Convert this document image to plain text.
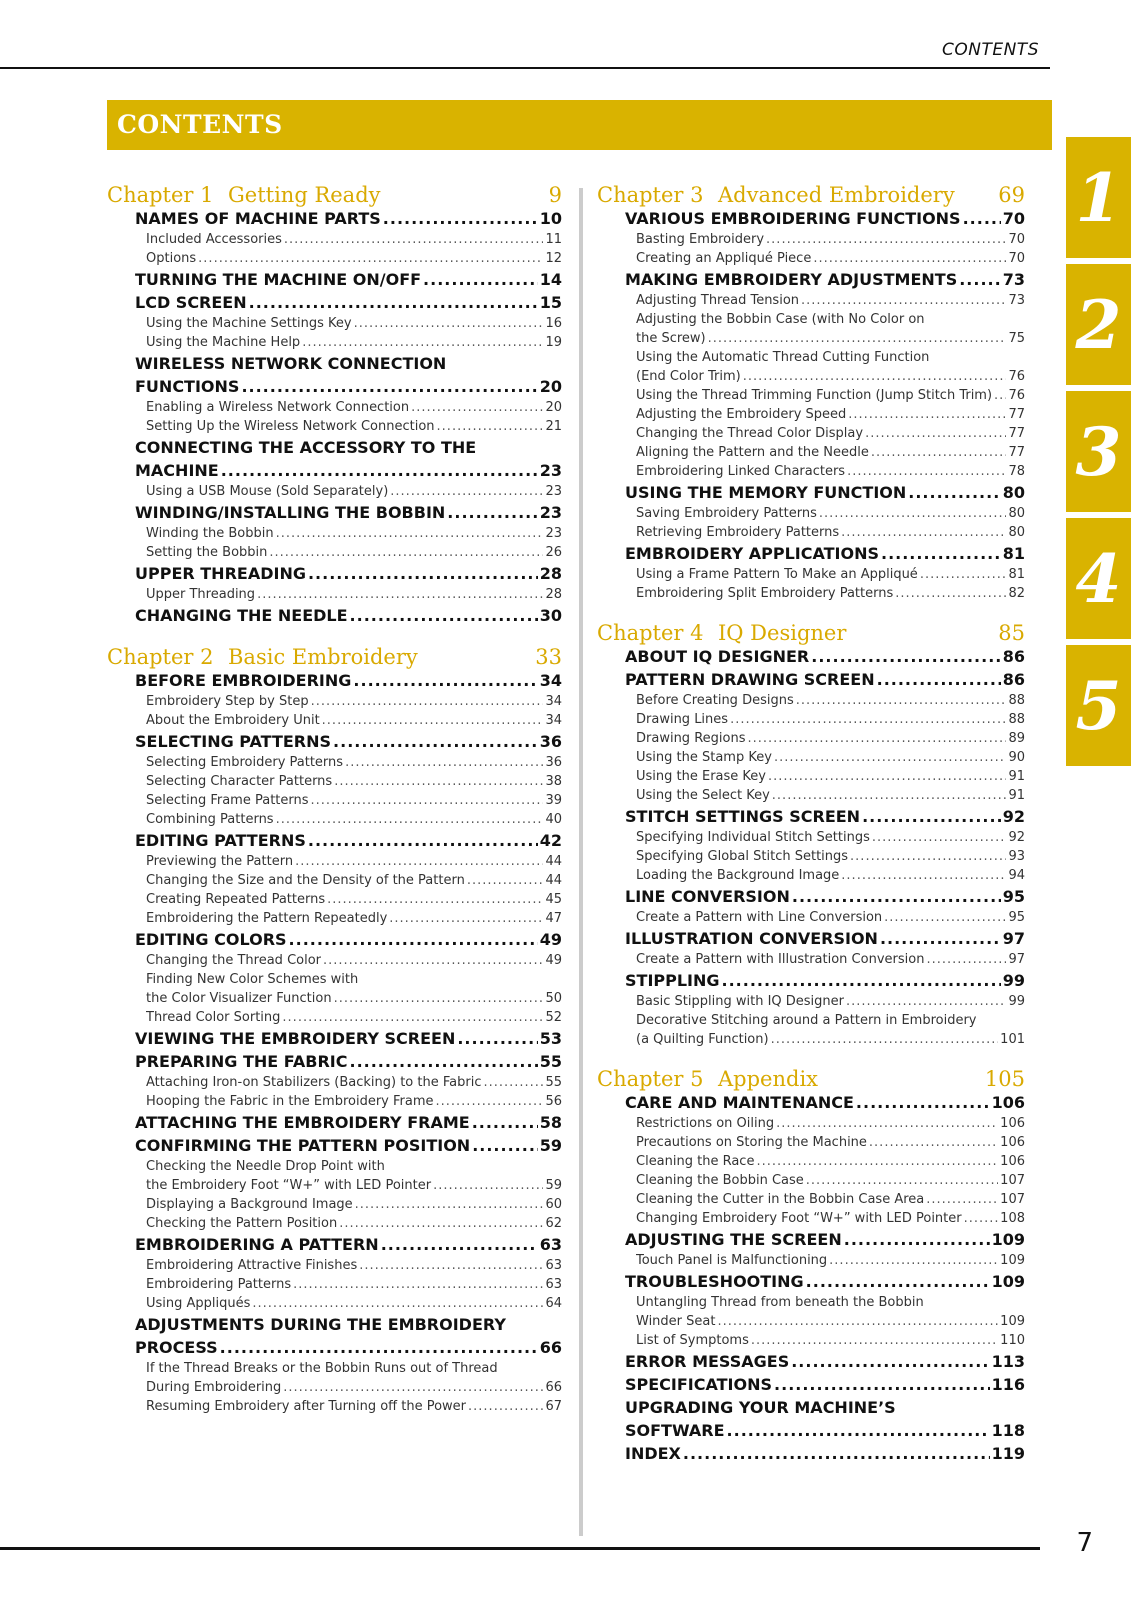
CONTENTS
CONTENTS
Chapter 1 Getting Ready	9
NAMES OF MACHINE PARTS .....	10
Included Accessories .....	11
Options .....	12
TURNING THE MACHINE ON/OFF .....	14
LCD SCREEN .....	15
Using the Machine Settings Key .....	16
Using the Machine Help .....	19
WIRELESS NETWORK CONNECTION
FUNCTIONS .....	20
Enabling a Wireless Network Connection .....	20
Setting Up the Wireless Network Connection .....	21
CONNECTING THE ACCESSORY TO THE
MACHINE .....	23
Using a USB Mouse (Sold Separately) .....	23
WINDING/INSTALLING THE BOBBIN .....	23
Winding the Bobbin .....	23
Setting the Bobbin .....	26
UPPER THREADING .....	28
Upper Threading .....	28
CHANGING THE NEEDLE .....	30
Chapter 2 Basic Embroidery	33
BEFORE EMBROIDERING .....	34
Embroidery Step by Step .....	34
About the Embroidery Unit .....	34
SELECTING PATTERNS .....	36
Selecting Embroidery Patterns .....	36
Selecting Character Patterns .....	38
Selecting Frame Patterns .....	39
Combining Patterns .....	40
EDITING PATTERNS .....	42
Previewing the Pattern .....	44
Changing the Size and the Density of the Pattern .....	44
Creating Repeated Patterns .....	45
Embroidering the Pattern Repeatedly .....	47
EDITING COLORS .....	49
Changing the Thread Color .....	49
Finding New Color Schemes with
the Color Visualizer Function .....	50
Thread Color Sorting .....	52
VIEWING THE EMBROIDERY SCREEN .....	53
PREPARING THE FABRIC .....	55
Attaching Iron-on Stabilizers (Backing) to the Fabric .....	55
Hooping the Fabric in the Embroidery Frame .....	56
ATTACHING THE EMBROIDERY FRAME .....	58
CONFIRMING THE PATTERN POSITION .....	59
Checking the Needle Drop Point with
the Embroidery Foot “W+” with LED Pointer .....	59
Displaying a Background Image .....	60
Checking the Pattern Position .....	62
EMBROIDERING A PATTERN .....	63
Embroidering Attractive Finishes .....	63
Embroidering Patterns .....	63
Using Appliqués .....	64
ADJUSTMENTS DURING THE EMBROIDERY
PROCESS .....	66
If the Thread Breaks or the Bobbin Runs out of Thread
During Embroidering .....	66
Resuming Embroidery after Turning off the Power .....	67
Chapter 3 Advanced Embroidery 69
VARIOUS EMBROIDERING FUNCTIONS .....	70
Basting Embroidery .....	70
Creating an Appliqué Piece .....	70
MAKING EMBROIDERY ADJUSTMENTS .....	73
Adjusting Thread Tension .....	73
Adjusting the Bobbin Case (with No Color on
the Screw) .....	75
Using the Automatic Thread Cutting Function
(End Color Trim) .....	76
Using the Thread Trimming Function (Jump Stitch Trim) ..... 76
Adjusting the Embroidery Speed .....	77
Changing the Thread Color Display .....	77
Aligning the Pattern and the Needle .....	77
Embroidering Linked Characters .....	78
USING THE MEMORY FUNCTION .....	80
Saving Embroidery Patterns .....	80
Retrieving Embroidery Patterns .....	80
EMBROIDERY APPLICATIONS .....	81
Using a Frame Pattern To Make an Appliqué .....	81
Embroidering Split Embroidery Patterns .....	82
Chapter 4 IQ Designer	85
ABOUT IQ DESIGNER .....	86
PATTERN DRAWING SCREEN .....	86
Before Creating Designs .....	88
Drawing Lines .....	88
Drawing Regions .....	89
Using the Stamp Key .....	90
Using the Erase Key .....	91
Using the Select Key .....	91
STITCH SETTINGS SCREEN .....	92
Specifying Individual Stitch Settings .....	92
Specifying Global Stitch Settings .....	93
Loading the Background Image .....	94
LINE CONVERSION .....	95
Create a Pattern with Line Conversion .....	95
ILLUSTRATION CONVERSION .....	97
Create a Pattern with Illustration Conversion .....	97
STIPPLING .....	99
Basic Stippling with IQ Designer .....	99
Decorative Stitching around a Pattern in Embroidery
(a Quilting Function) .....	101
Chapter 5 Appendix	105
CARE AND MAINTENANCE .....	106
Restrictions on Oiling .....	106
Precautions on Storing the Machine .....	106
Cleaning the Race .....	106
Cleaning the Bobbin Case .....	107
Cleaning the Cutter in the Bobbin Case Area .....	107
Changing Embroidery Foot “W+” with LED Pointer .....	108
ADJUSTING THE SCREEN .....	109
Touch Panel is Malfunctioning .....	109
TROUBLESHOOTING .....	109
Untangling Thread from beneath the Bobbin
Winder Seat .....	109
List of Symptoms .....	110
ERROR MESSAGES .....	113
SPECIFICATIONS .....	116
UPGRADING YOUR MACHINE’S
SOFTWARE .....	118
INDEX .....	119
1
2
3
4
5
7
